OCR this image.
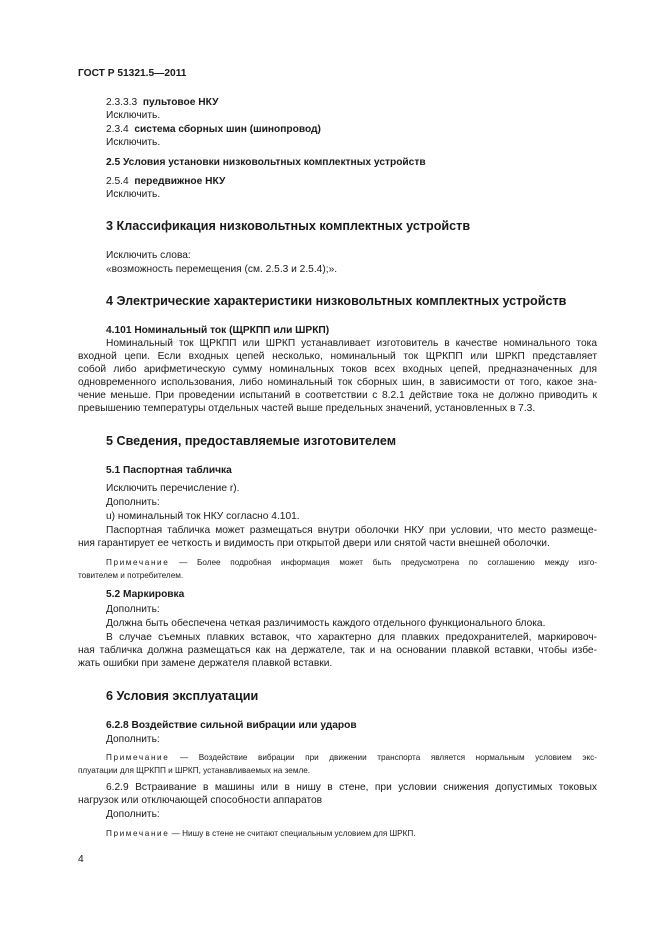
ГОСТ Р 51321.5—2011
2.3.3.3 пультовое НКУ
Исключить.
2.3.4 система сборных шин (шинопровод)
Исключить.
2.5 Условия установки низковольтных комплектных устройств
2.5.4 передвижное НКУ
Исключить.
3 Классификация низковольтных комплектных устройств
Исключить слова:
«возможность перемещения (см. 2.5.3 и 2.5.4);».
4 Электрические характеристики низковольтных комплектных устройств
4.101 Номинальный ток (ЩРКПП или ШРКП)
Номинальный ток ЩРКПП или ШРКП устанавливает изготовитель в качестве номинального тока
входной цепи. Если входных цепей несколько, номинальный ток ЩРКПП или ШРКП представляет
собой либо арифметическую сумму номинальных токов всех входных цепей, предназначенных для
одновременного использования, либо номинальный ток сборных шин, в зависимости от того, какое зна-
чение меньше. При проведении испытаний в соответствии с 8.2.1 действие тока не должно приводить к
превышению температуры отдельных частей выше предельных значений, установленных в 7.3.
5 Сведения, предоставляемые изготовителем
5.1 Паспортная табличка
Исключить перечисление r).
Дополнить:
u) номинальный ток НКУ согласно 4.101.
Паспортная табличка может размещаться внутри оболочки НКУ при условии, что место размеще-
ния гарантирует ее четкость и видимость при открытой двери или снятой части внешней оболочки.
Примечание — Более подробная информация может быть предусмотрена по соглашению между изго-
товителем и потребителем.
5.2 Маркировка
Дополнить:
Должна быть обеспечена четкая различимость каждого отдельного функционального блока.
В случае съемных плавких вставок, что характерно для плавких предохранителей, маркировоч-
ная табличка должна размещаться как на держателе, так и на основании плавкой вставки, чтобы избе-
жать ошибки при замене держателя плавкой вставки.
6 Условия эксплуатации
6.2.8 Воздействие сильной вибрации или ударов
Дополнить:
Примечание — Воздействие вибрации при движении транспорта является нормальным условием экс-
плуатации для ЩРКПП и ШРКП, устанавливаемых на земле.
6.2.9 Встраивание в машины или в нишу в стене, при условии снижения допустимых токовых
нагрузок или отключающей способности аппаратов
Дополнить:
Примечание — Нишу в стене не считают специальным условием для ШРКП.
4
